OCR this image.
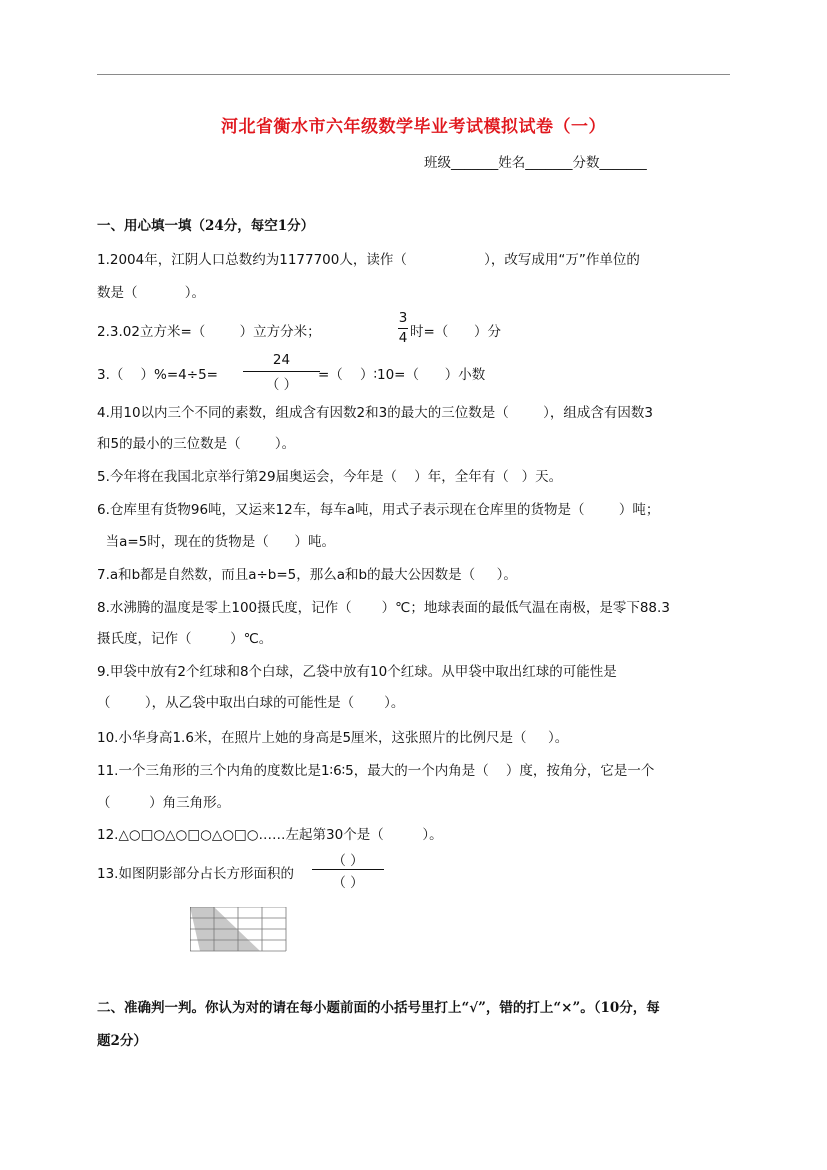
河北省衡水市六年级数学毕业考试模拟试卷（一）
班级_______姓名_______分数_______
一、用心填一填（24分，每空1分）
1.2004年，江阴人口总数约为1177700人，读作（                  ），改写成用“万”作单位的
数是（           ）。
2.3.02立方米=（        ）立方分米；
3
4 时=（      ）分
3.（    ）%=4÷5=
24
（ ）
=（    ）∶10=（      ）小数
4.用10以内三个不同的素数，组成含有因数2和3的最大的三位数是（        ），组成含有因数3
和5的最小的三位数是（        ）。
5.今年将在我国北京举行第29届奥运会，今年是（    ）年，全年有（   ）天。
6.仓库里有货物96吨，又运来12车，每车a吨，用式子表示现在仓库里的货物是（        ）吨；
当a=5时，现在的货物是（      ）吨。
7.a和b都是自然数，而且a÷b=5，那么a和b的最大公因数是（     ）。
8.水沸腾的温度是零上100摄氏度，记作（       ）℃；地球表面的最低气温在南极，是零下88.3
摄氏度，记作（         ）℃。
9.甲袋中放有2个红球和8个白球，乙袋中放有10个红球。从甲袋中取出红球的可能性是
（        ），从乙袋中取出白球的可能性是（       ）。
10.小华身高1.6米，在照片上她的身高是5厘米，这张照片的比例尺是（     ）。
11.一个三角形的三个内角的度数比是1∶6∶5，最大的一个内角是（    ）度，按角分，它是一个
（         ）角三角形。
12.△○□○△○□○△○□○……左起第30个是（         ）。
13.如图阴影部分占长方形面积的
（ ）
（ ）
二、准确判一判。你认为对的请在每小题前面的小括号里打上“√”，错的打上“×”。（10分，每
题2分）
